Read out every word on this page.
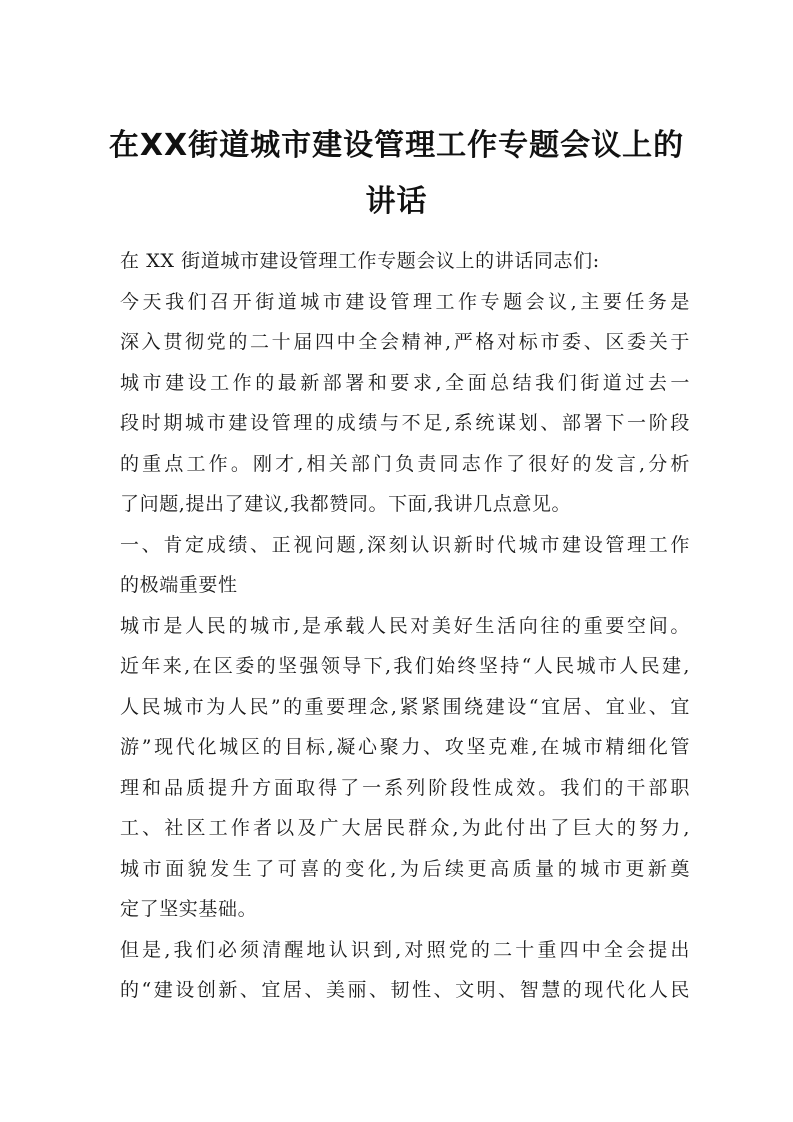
在XX街道城市建设管理工作专题会议上的
讲话
在 XX 街道城市建设管理工作专题会议上的讲话同志们:
今天我们召开街道城市建设管理工作专题会议,主要任务是
深入贯彻党的二十届四中全会精神,严格对标市委、区委关于
城市建设工作的最新部署和要求,全面总结我们街道过去一
段时期城市建设管理的成绩与不足,系统谋划、部署下一阶段
的重点工作。刚才,相关部门负责同志作了很好的发言,分析
了问题,提出了建议,我都赞同。下面,我讲几点意见。
一、肯定成绩、正视问题,深刻认识新时代城市建设管理工作
的极端重要性
城市是人民的城市,是承载人民对美好生活向往的重要空间。
近年来,在区委的坚强领导下,我们始终坚持“人民城市人民建,
人民城市为人民”的重要理念,紧紧围绕建设“宜居、宜业、宜
游”现代化城区的目标,凝心聚力、攻坚克难,在城市精细化管
理和品质提升方面取得了一系列阶段性成效。我们的干部职
工、社区工作者以及广大居民群众,为此付出了巨大的努力,
城市面貌发生了可喜的变化,为后续更高质量的城市更新奠
定了坚实基础。
但是,我们必须清醒地认识到,对照党的二十重四中全会提出
的“建设创新、宜居、美丽、韧性、文明、智慧的现代化人民
